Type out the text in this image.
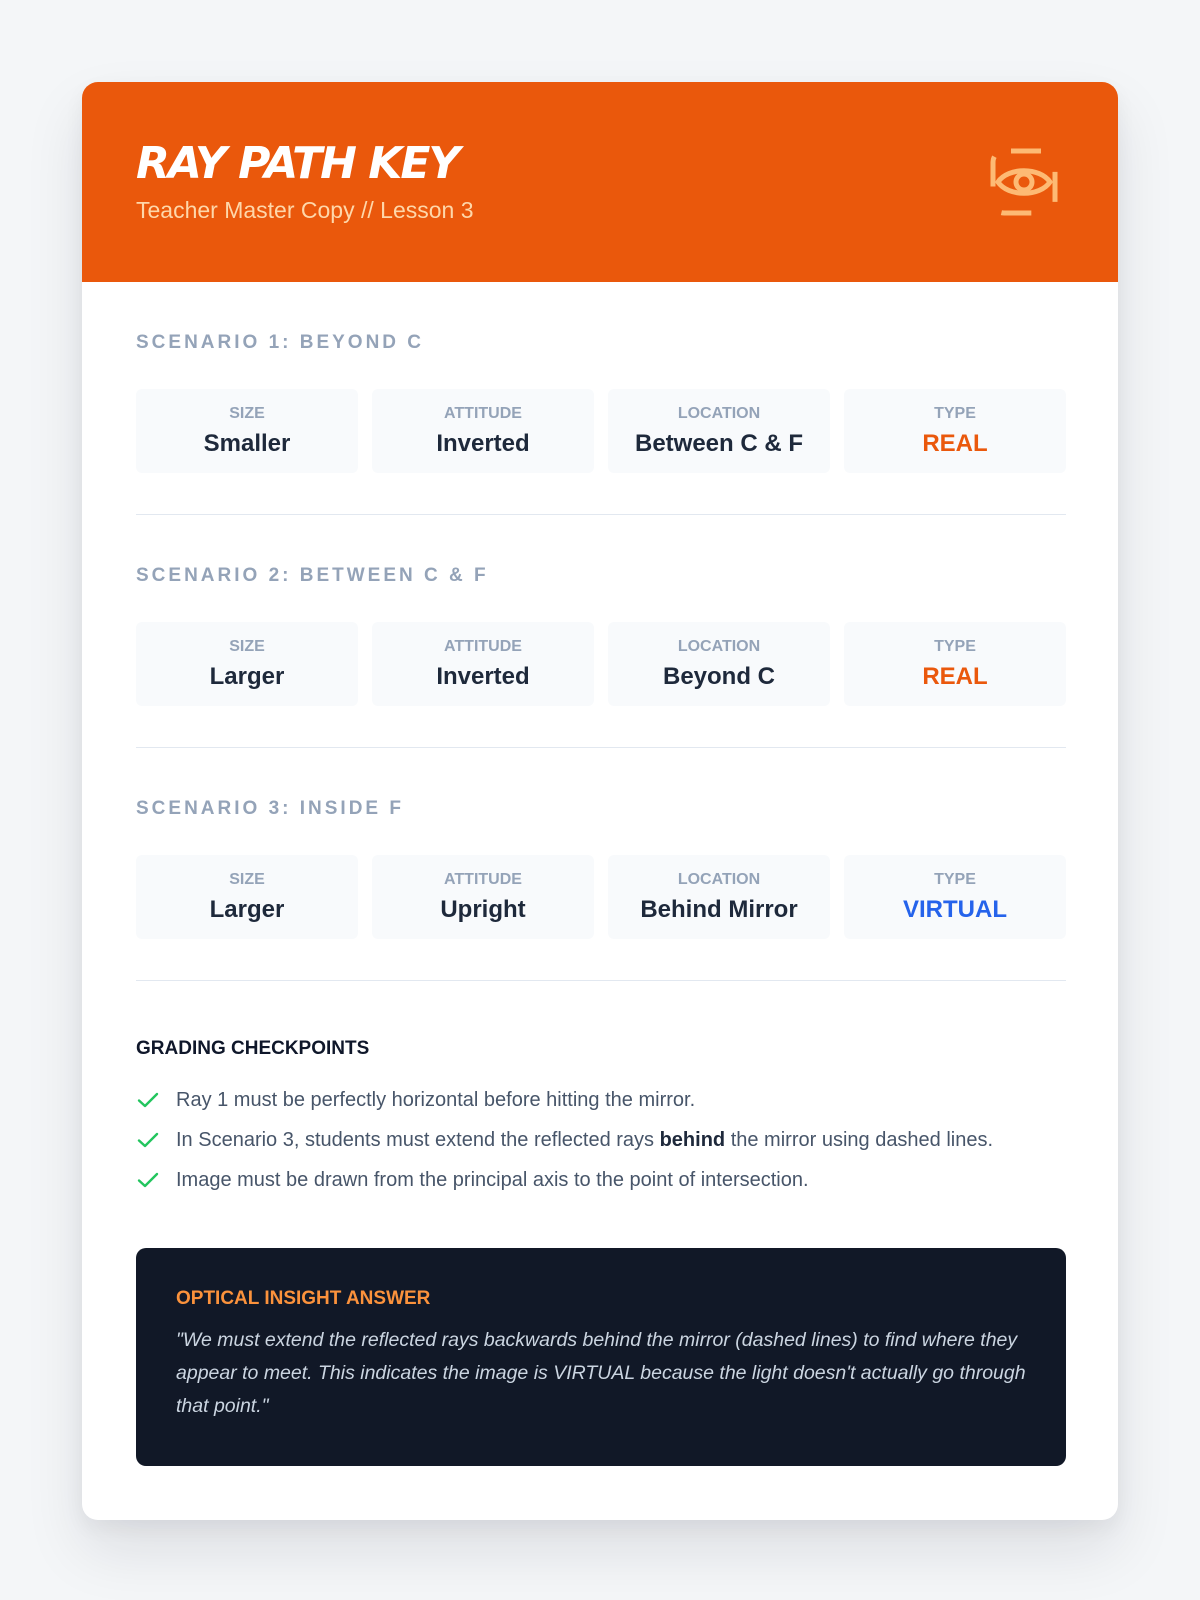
RAY PATH KEY
Teacher Master Copy // Lesson 3
SCENARIO 1: BEYOND C
SIZE
Smaller
ATTITUDE
Inverted
LOCATION
Between C & F
TYPE
REAL
SCENARIO 2: BETWEEN C & F
SIZE
Larger
ATTITUDE
Inverted
LOCATION
Beyond C
TYPE
REAL
SCENARIO 3: INSIDE F
SIZE
Larger
ATTITUDE
Upright
LOCATION
Behind Mirror
TYPE
VIRTUAL
GRADING CHECKPOINTS
Ray 1 must be perfectly horizontal before hitting the mirror.
In Scenario 3, students must extend the reflected rays behind the mirror using dashed lines.
Image must be drawn from the principal axis to the point of intersection.
OPTICAL INSIGHT ANSWER
"We must extend the reflected rays backwards behind the mirror (dashed lines) to find where they appear to meet. This indicates the image is VIRTUAL because the light doesn't actually go through that point."
